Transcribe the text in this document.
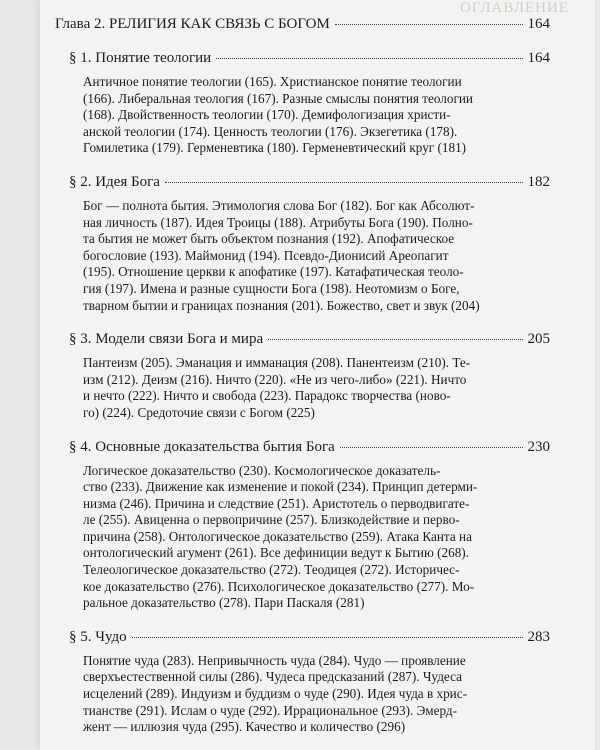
ОГЛАВЛЕНИЕ
Глава 2. РЕЛИГИЯ КАК СВЯЗЬ С БОГОМ	164
§ 1. Понятие теологии	164
Античное понятие теологии (165). Христианское понятие теологии
(166). Либеральная теология (167). Разные смыслы понятия теологии
(168). Двойственность теологии (170). Демифологизация христи-
анской теологии (174). Ценность теологии (176). Экзегетика (178).
Гомилетика (179). Герменевтика (180). Герменевтический круг (181)
§ 2. Идея Бога	182
Бог — полнота бытия. Этимология слова Бог (182). Бог как Абсолют-
ная личность (187). Идея Троицы (188). Атрибуты Бога (190). Полно-
та бытия не может быть объектом познания (192). Апофатическое
богословие (193). Маймонид (194). Псевдо-Дионисий Ареопагит
(195). Отношение церкви к апофатике (197). Катафатическая теоло-
гия (197). Имена и разные сущности Бога (198). Неотомизм о Боге,
тварном бытии и границах познания (201). Божество, свет и звук (204)
§ 3. Модели связи Бога и мира	205
Пантеизм (205). Эманация и имманация (208). Панентеизм (210). Те-
изм (212). Деизм (216). Ничто (220). «Не из чего-либо» (221). Ничто
и нечто (222). Ничто и свобода (223). Парадокс творчества (ново-
го) (224). Средоточие связи с Богом (225)
§ 4. Основные доказательства бытия Бога	230
Логическое доказательство (230). Космологическое доказатель-
ство (233). Движение как изменение и покой (234). Принцип детерми-
низма (246). Причина и следствие (251). Аристотель о перводвигате-
ле (255). Авиценна о первопричине (257). Близкодействие и перво-
причина (258). Онтологическое доказательство (259). Атака Канта на
онтологический агумент (261). Все дефиниции ведут к Бытию (268).
Телеологическое доказательство (272). Теодицея (272). Историчес-
кое доказательство (276). Психологическое доказательство (277). Мо-
ральное доказательство (278). Пари Паскаля (281)
§ 5. Чудо	283
Понятие чуда (283). Непривычность чуда (284). Чудо — проявление
сверхъестественной силы (286). Чудеса предсказаний (287). Чудеса
исцелений (289). Индуизм и буддизм о чуде (290). Идея чуда в хрис-
тианстве (291). Ислам о чуде (292). Иррациональное (293). Эмерд-
жент — иллюзия чуда (295). Качество и количество (296)
